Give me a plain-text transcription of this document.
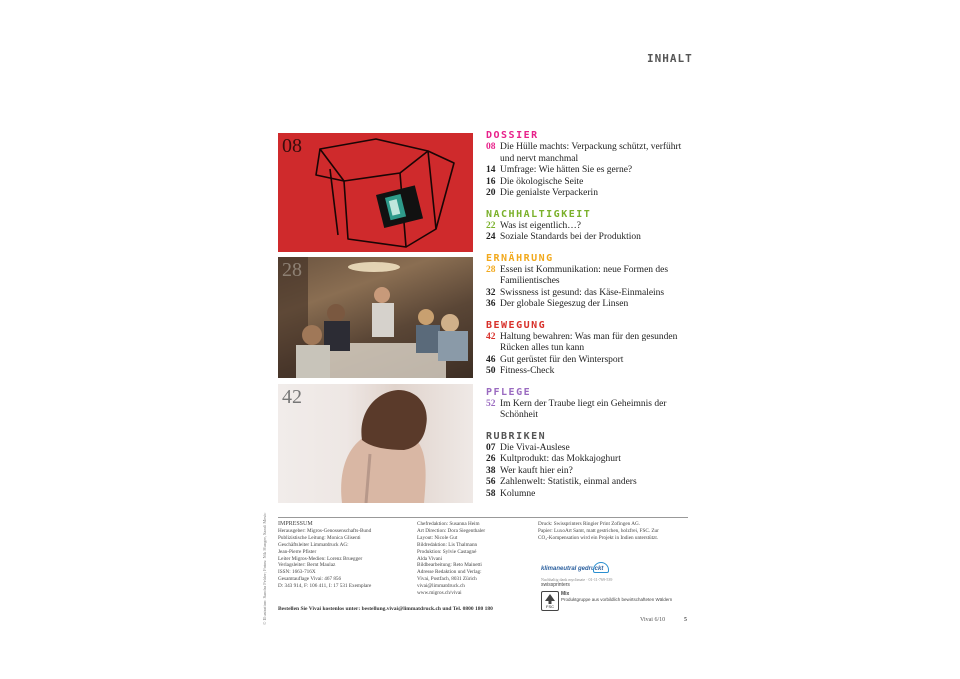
INHALT
08
42
DOSSIER
08 Die Hülle machts: Verpackung schützt, verführt und nervt manchmal
14 Umfrage: Wie hätten Sie es gerne?
16 Die ökologische Seite
20 Die genialste Verpackerin
NACHHALTIGKEIT
22 Was ist eigentlich…?
24 Soziale Standards bei der Produktion
ERNÄHRUNG
28 Essen ist Kommunikation: neue Formen des Familientisches
32 Swissness ist gesund: das Käse-Einmaleins
36 Der globale Siegeszug der Linsen
BEWEGUNG
42 Haltung bewahren: Was man für den gesunden Rücken alles tun kann
46 Gut gerüstet für den Wintersport
50 Fitness-Check
PFLEGE
52 Im Kern der Traube liegt ein Geheimnis der Schönheit
RUBRIKEN
07 Die Vivai-Auslese
26 Kultprodukt: das Mokkajoghurt
38 Wer kauft hier ein?
56 Zahlenwelt: Statistik, einmal anders
58 Kolumne
© Illustration: Sandra Felder; Fotos: Nik Hunger, Sandi Mesic IMPRESSUM
Herausgeber: Migros-Genossenschafts-Bund
Publizistische Leitung: Monica Glisenti
Geschäftsleiter Limmatdruck AG:
Jean-Pierre Pfister
Leiter Migros-Medien: Lorenz Bruegger
Verlagsleiter: Bernt Maulaz
ISSN: 1663-716X
Gesamtauflage Vivai: 467 856
D: 343 914, F: 106 411, I: 17 531 Exemplare
Chefredaktion: Susanna Heim
Art Direction: Dora Siegenthaler
Layout: Nicole Gut
Bildredaktion: Lis Thalmann
Produktion: Sylvie Castagné
Alda Vivani
Bildbearbeitung: Reto Mainetti
Adresse Redaktion und Verlag:
Vivai, Postfach, 8031 Zürich
vivai@limmatdruck.ch
www.migros.ch/vivai
Druck: Swissprinters Ringier Print Zofingen AG.
Papier: LuxoArt Samt, matt gestrichen, holzfrei, FSC. Zur
CO₂-Kompensation wird ein Projekt in Indien unterstützt.
klimaneutral gedruckt
Nachhaltig dank myclimate · 01-11-769-539
swissprinters
FSC
Mix
Produktgruppe aus vorbildlich bewirtschafteten Wäldern
Bestellen Sie Vivai kostenlos unter: bestellung.vivai@limmatdruck.ch und Tel. 0800 180 180
Vivai 6/10	5
